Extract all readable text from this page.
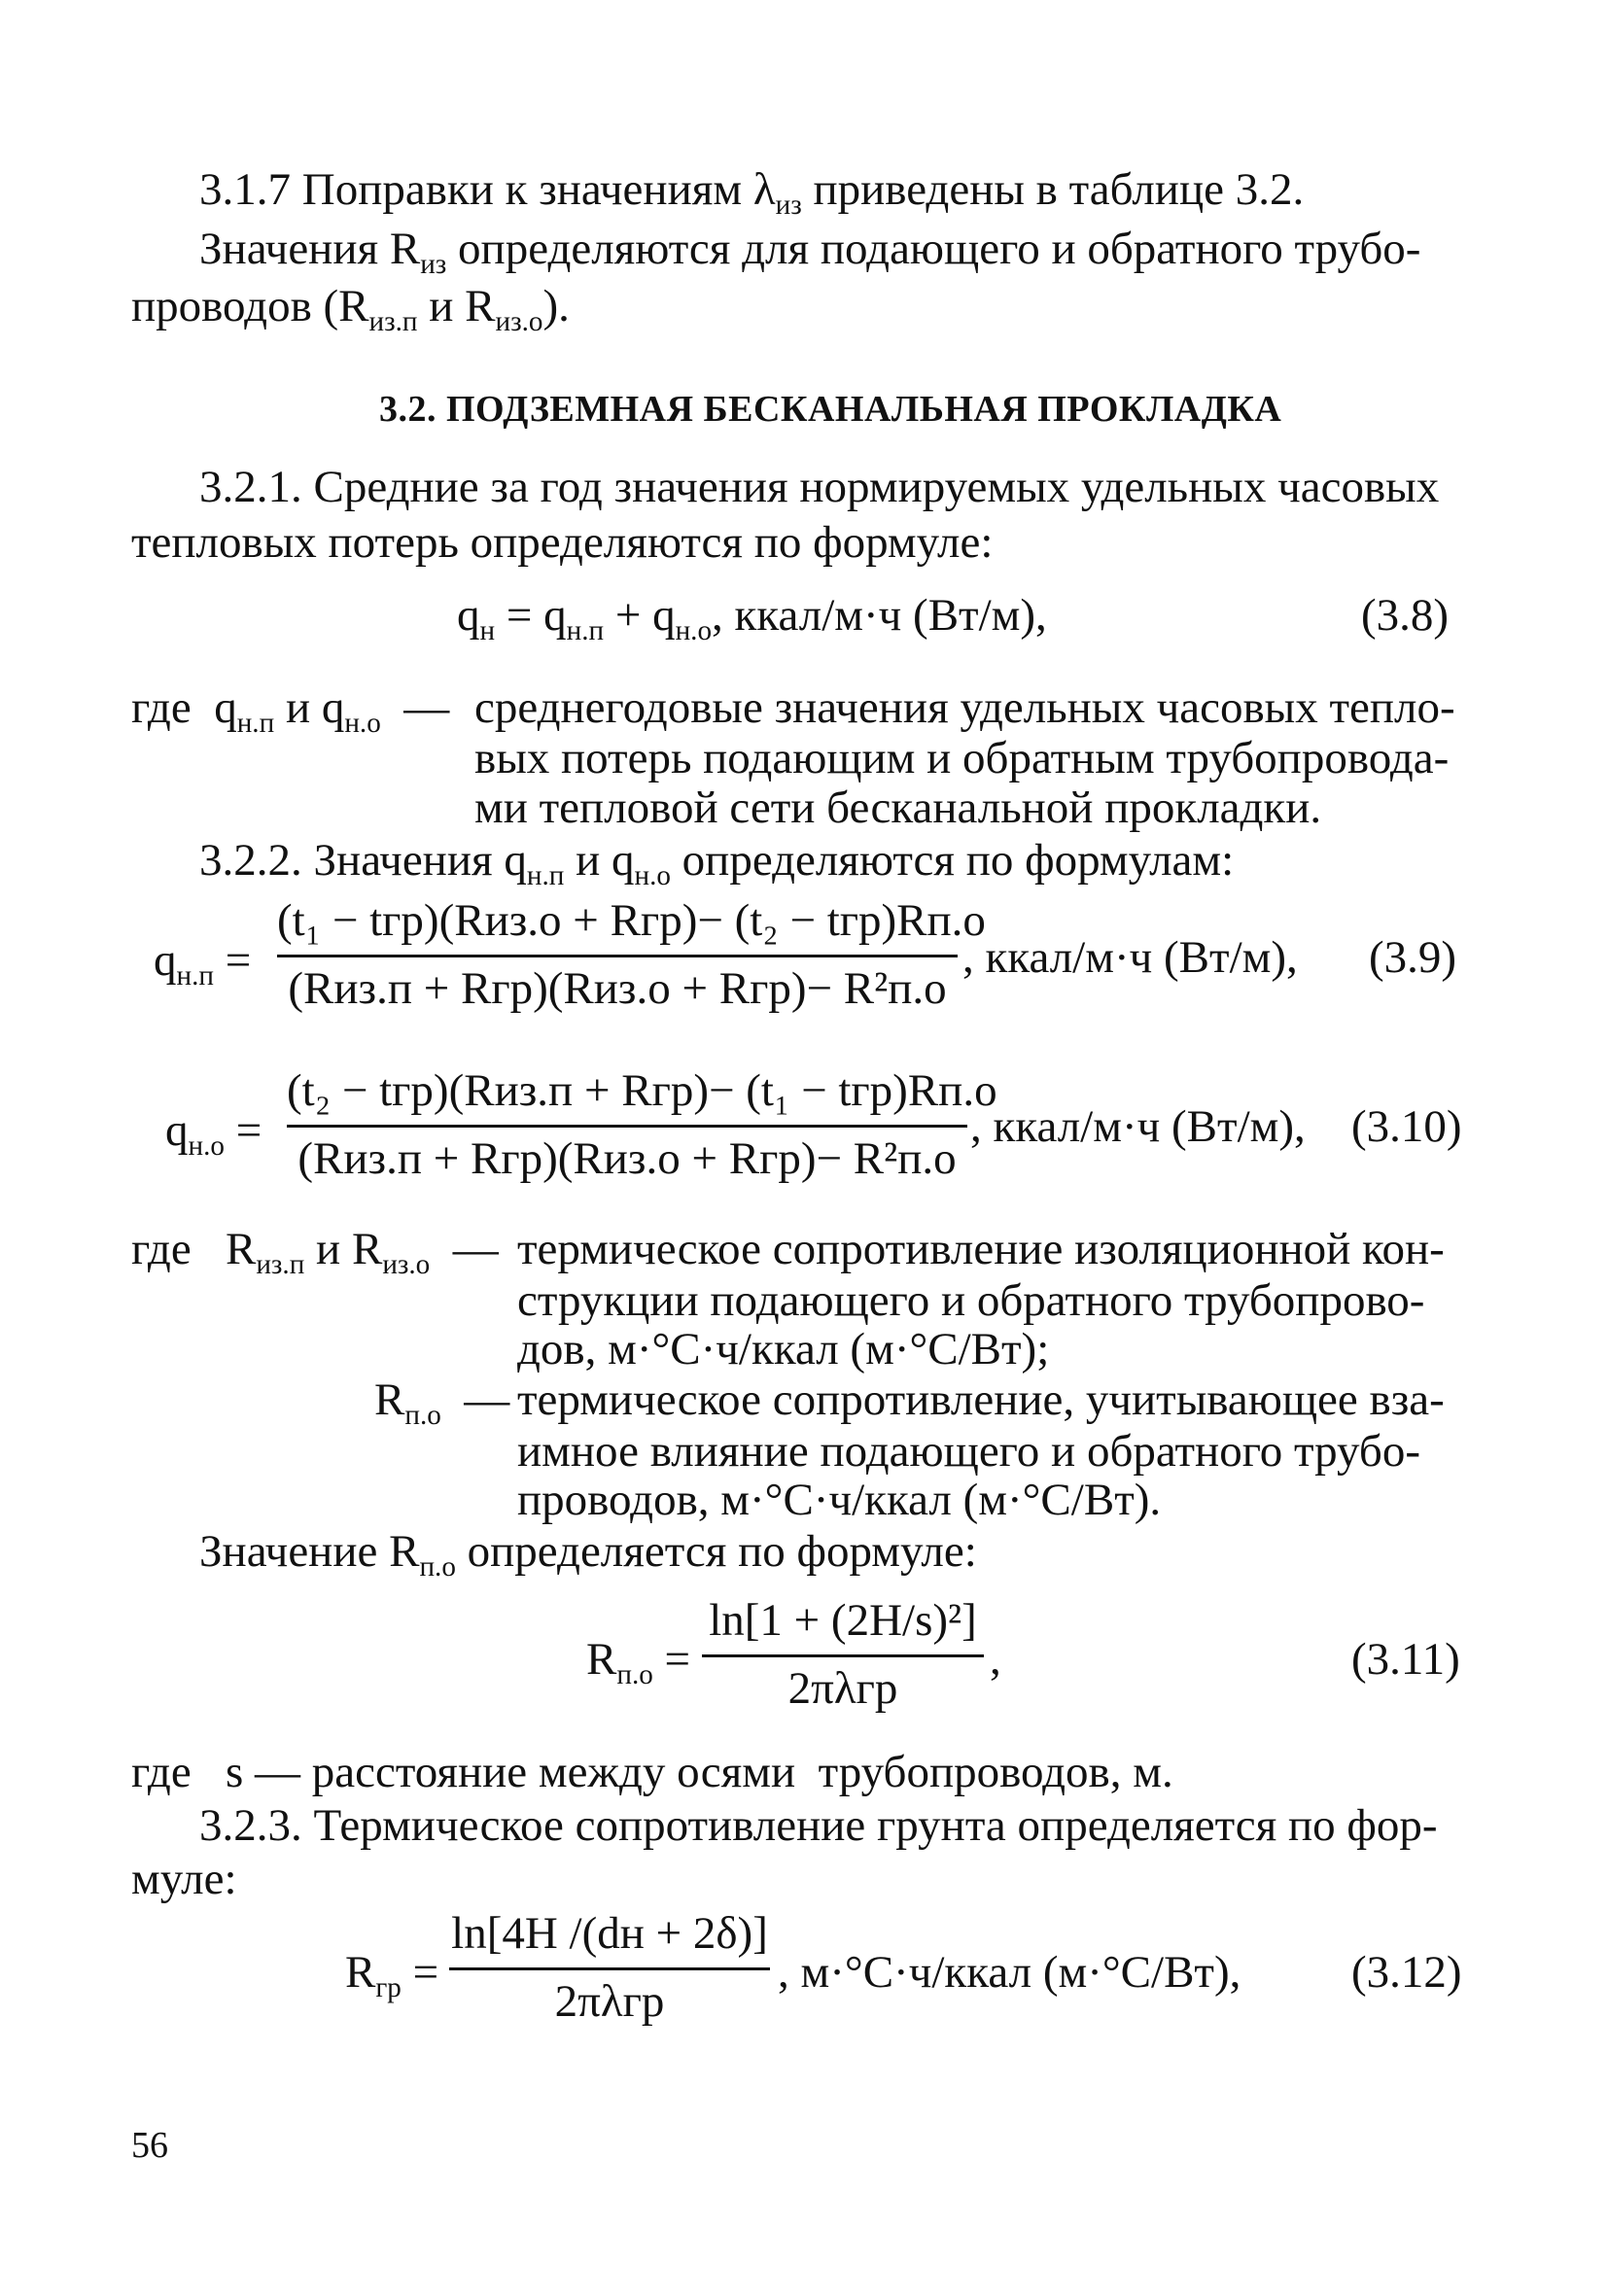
3.1.7 Поправки к значениям $\lambda_{из}$ приведены в таблице 3.2.
Значения $R_{из}$ определяются для подающего и обратного трубо-
проводов ($R_{из.п}$ и $R_{из.о}$).
3.2. ПОДЗЕМНАЯ БЕСКАНАЛЬНАЯ ПРОКЛАДКА
3.2.1. Средние за год значения нормируемых удельных часовых
тепловых потерь определяются по формуле:
$q_н = q_{н.п} + q_{н.о}$, ккал/м·ч (Вт/м),	(3.8)
где $q_{н.п}$ и $q_{н.о}$ — среднегодовые значения удельных часовых тепло-
вых потерь подающим и обратным трубопровода-
ми тепловой сети бесканальной прокладки.
3.2.2. Значения $q_{н.п}$ и $q_{н.о}$ определяются по формулам:
$q_{н.п}$ =
(t₁ − tгр)(Rиз.о + Rгр)− (t₂ − tгр)Rп.о
(Rиз.п + Rгр)(Rиз.о + Rгр)− R²п.о
, ккал/м·ч (Вт/м), (3.9)
$q_{н.о}$ =
(t₂ − tгр)(Rиз.п + Rгр)− (t₁ − tгр)Rп.о
(Rиз.п + Rгр)(Rиз.о + Rгр)− R²п.о
, ккал/м·ч (Вт/м), (3.10)
где $R_{из.п}$ и $R_{из.о}$ — термическое сопротивление изоляционной кон-
струкции подающего и обратного трубопрово-
дов, м·°С·ч/ккал (м·°С/Вт);
$R_{п.о}$ — термическое сопротивление, учитывающее вза-
имное влияние подающего и обратного трубо-
проводов, м·°С·ч/ккал (м·°С/Вт).
Значение $R_{п.о}$ определяется по формуле:
$R_{п.о}$ =
ln[1 + (2H/s)²]
2πλгр
,	(3.11)
где   s — расстояние между осями  трубопроводов, м.
3.2.3. Термическое сопротивление грунта определяется по фор-
муле:
$R_{гр}$ =
ln[4H /(dн + 2δ)]
2πλгр
, м·°С·ч/ккал (м·°С/Вт), (3.12)
56
